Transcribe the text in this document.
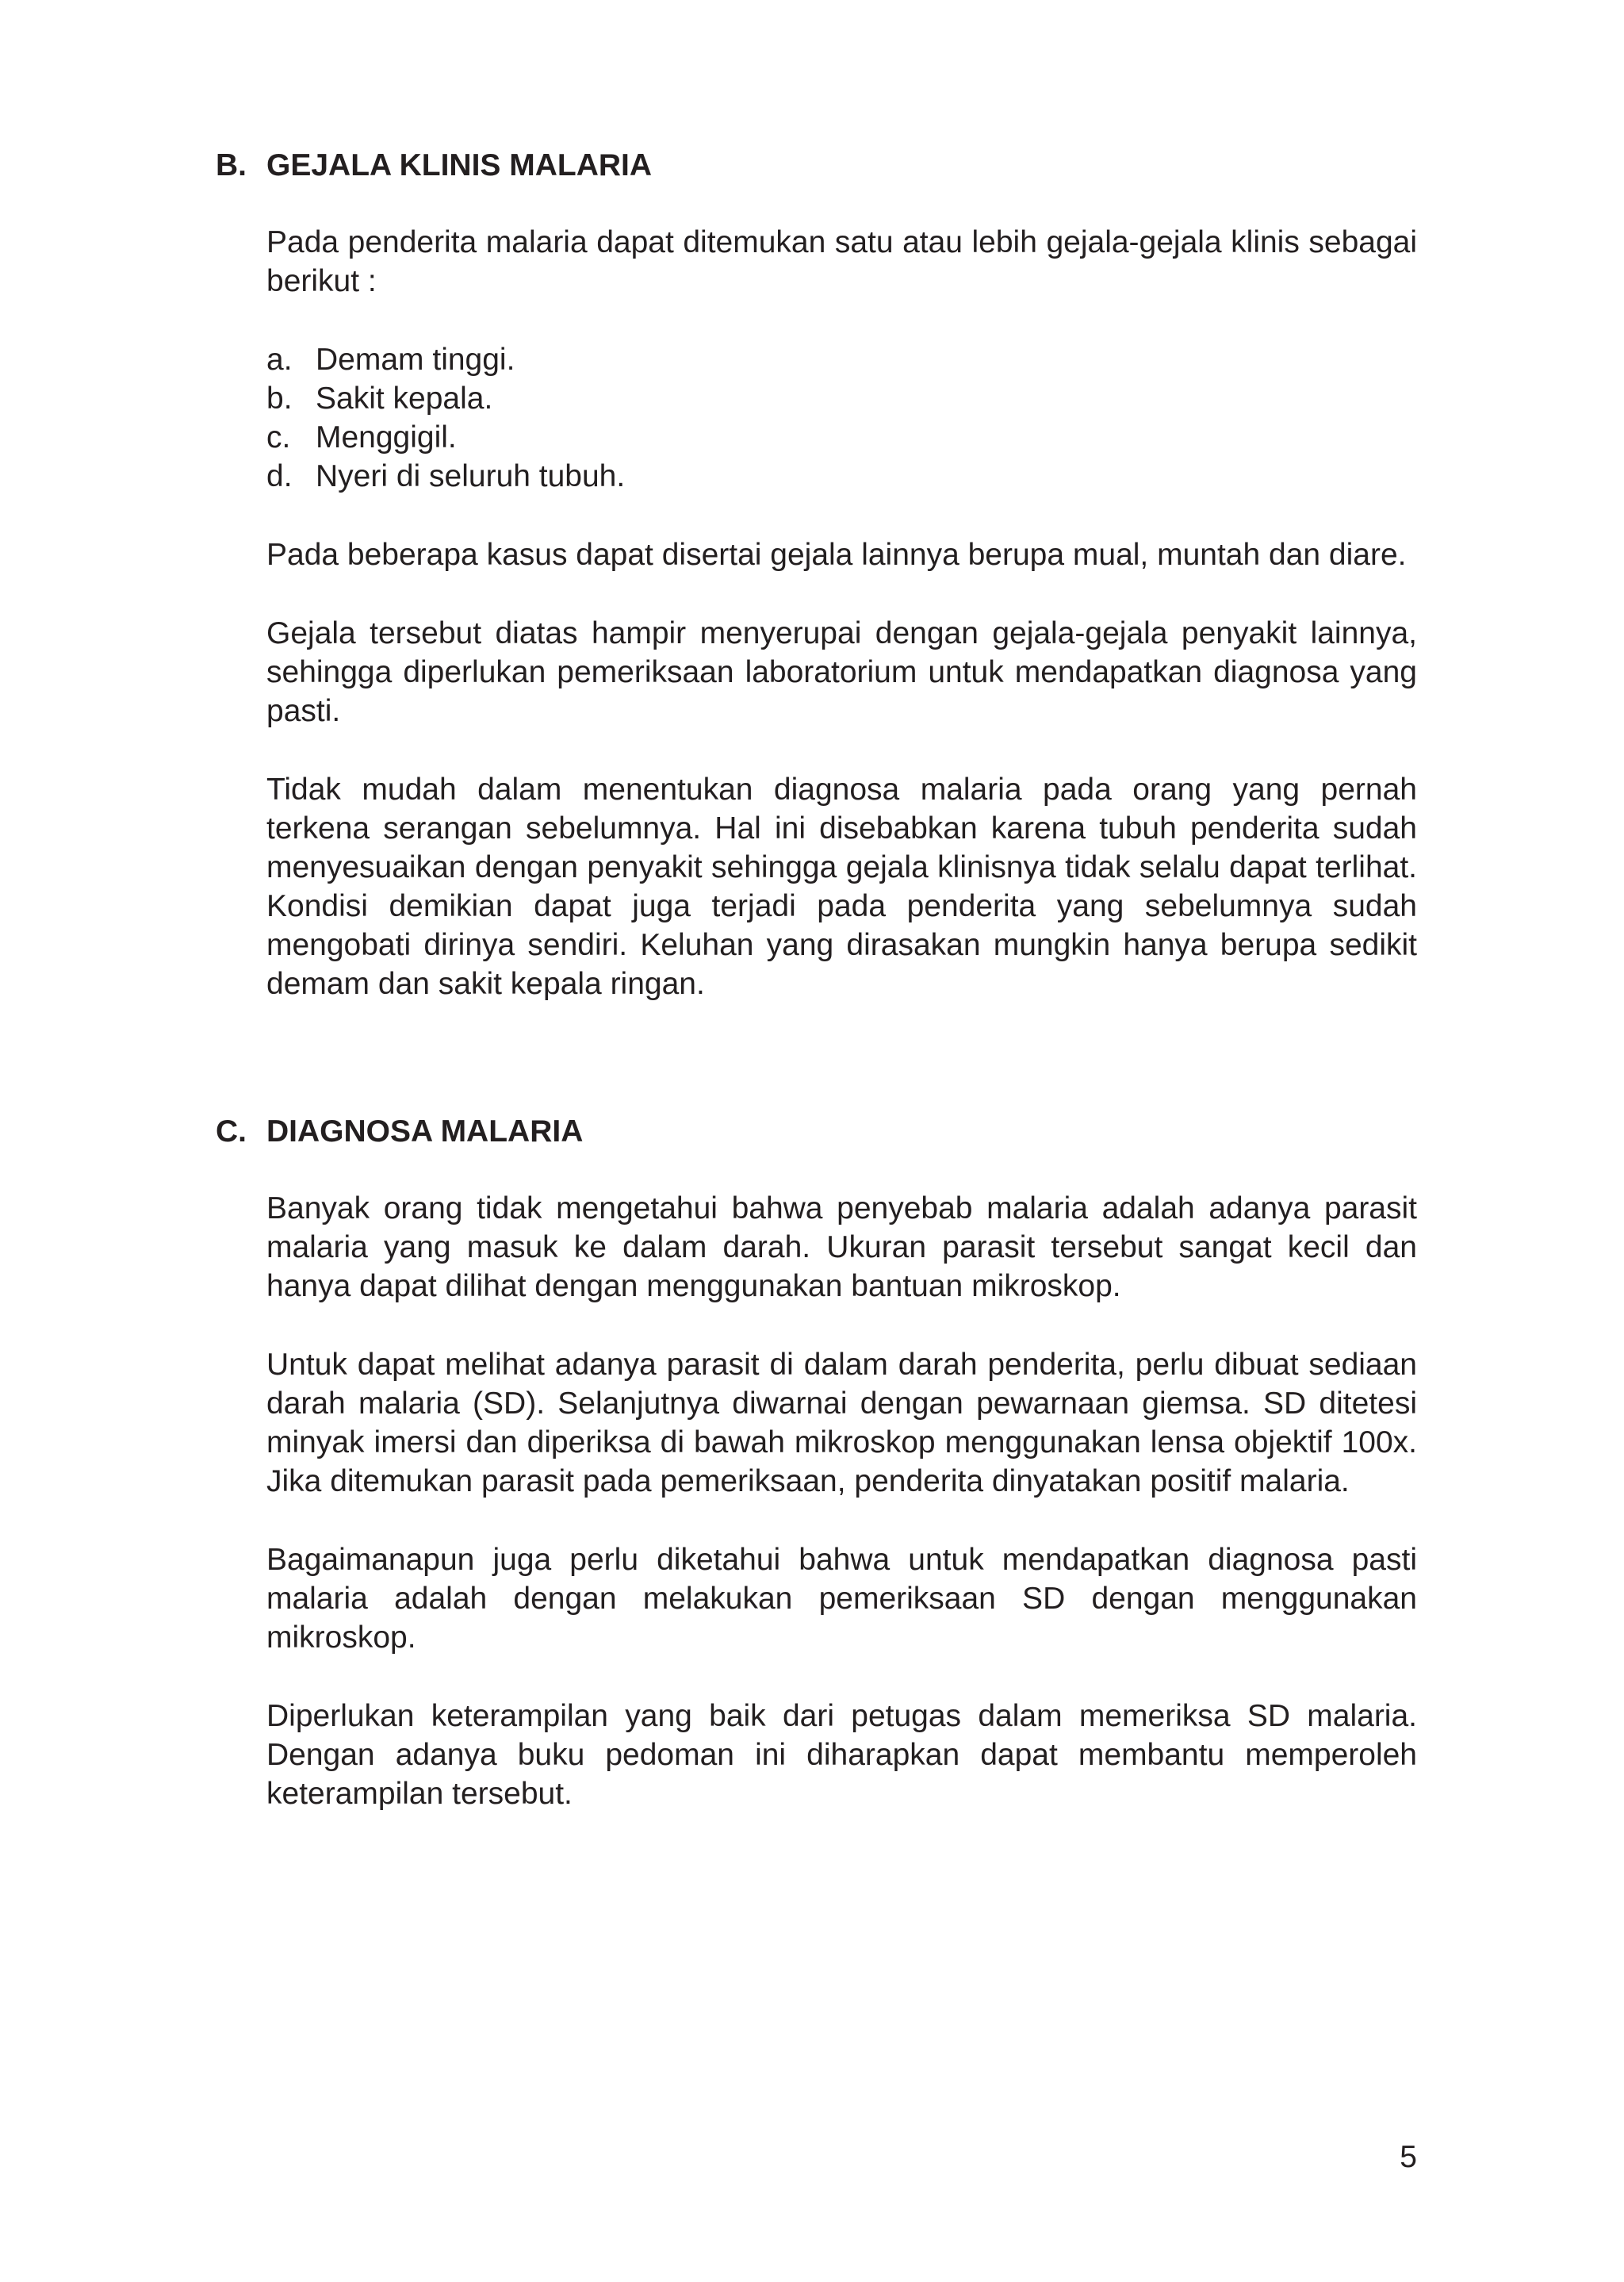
B. GEJALA KLINIS MALARIA

Pada penderita malaria dapat ditemukan satu atau lebih gejala-gejala klinis sebagai berikut :

a. Demam tinggi.
b. Sakit kepala.
c. Menggigil.
d. Nyeri di seluruh tubuh.

Pada beberapa kasus dapat disertai gejala lainnya berupa mual, muntah dan diare.

Gejala tersebut diatas hampir menyerupai dengan gejala-gejala penyakit lainnya, sehingga diperlukan pemeriksaan laboratorium untuk mendapatkan diagnosa yang pasti.

Tidak mudah dalam menentukan diagnosa malaria pada orang yang pernah terkena serangan sebelumnya. Hal ini disebabkan karena tubuh penderita sudah menyesuaikan dengan penyakit sehingga gejala klinisnya tidak selalu dapat terlihat. Kondisi demikian dapat juga terjadi pada penderita yang sebelumnya sudah mengobati dirinya sendiri. Keluhan yang dirasakan mungkin hanya berupa sedikit demam dan sakit kepala ringan.

C. DIAGNOSA MALARIA

Banyak orang tidak mengetahui bahwa penyebab malaria adalah adanya parasit malaria yang masuk ke dalam darah. Ukuran parasit tersebut sangat kecil dan hanya dapat dilihat dengan menggunakan bantuan mikroskop.

Untuk dapat melihat adanya parasit di dalam darah penderita, perlu dibuat sediaan darah malaria (SD). Selanjutnya diwarnai dengan pewarnaan giemsa. SD ditetesi minyak imersi dan diperiksa di bawah mikroskop menggunakan lensa objektif 100x. Jika ditemukan parasit pada pemeriksaan, penderita dinyatakan positif malaria.

Bagaimanapun juga perlu diketahui bahwa untuk mendapatkan diagnosa pasti malaria adalah dengan melakukan pemeriksaan SD dengan menggunakan mikroskop.

Diperlukan keterampilan yang baik dari petugas dalam memeriksa SD malaria. Dengan adanya buku pedoman ini diharapkan dapat membantu memperoleh keterampilan tersebut.

5
